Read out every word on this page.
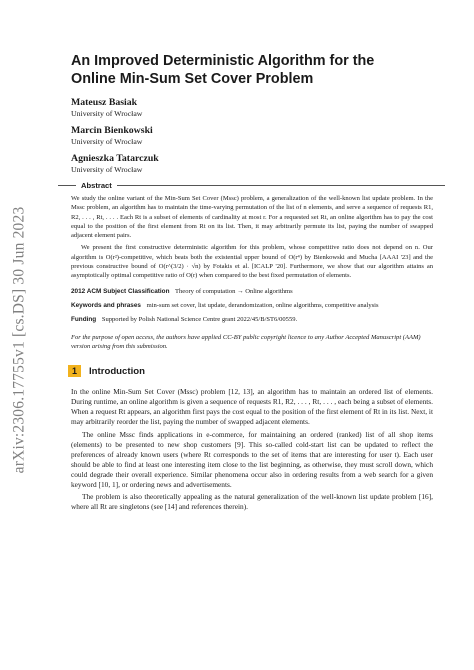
arXiv:2306.17755v1 [cs.DS] 30 Jun 2023
An Improved Deterministic Algorithm for the Online Min-Sum Set Cover Problem
Mateusz Basiak
University of Wrocław
Marcin Bienkowski
University of Wrocław
Agnieszka Tatarczuk
University of Wrocław
Abstract

We study the online variant of the Min-Sum Set Cover (Mssc) problem, a generalization of the well-known list update problem. In the Mssc problem, an algorithm has to maintain the time-varying permutation of the list of n elements, and serve a sequence of requests R1, R2, . . . , Rt, . . . . Each Rt is a subset of elements of cardinality at most r. For a requested set Rt, an online algorithm has to pay the cost equal to the position of the first element from Rt on its list. Then, it may arbitrarily permute its list, paying the number of swapped adjacent element pairs.

We present the first constructive deterministic algorithm for this problem, whose competitive ratio does not depend on n. Our algorithm is O(r²)-competitive, which beats both the existential upper bound of O(r⁴) by Bienkowski and Mucha [AAAI '23] and the previous constructive bound of O(r^(3/2) · √n) by Fotakis et al. [ICALP '20]. Furthermore, we show that our algorithm attains an asymptotically optimal competitive ratio of O(r) when compared to the best fixed permutation of elements.

2012 ACM Subject Classification Theory of computation → Online algorithms
Keywords and phrases min-sum set cover, list update, derandomization, online algorithms, competitive analysis
Funding Supported by Polish National Science Centre grant 2022/45/B/ST6/00559.

For the purpose of open access, the authors have applied CC-BY public copyright licence to any Author Accepted Manuscript (AAM) version arising from this submission.

1	Introduction

In the online Min-Sum Set Cover (Mssc) problem [12, 13], an algorithm has to maintain an ordered list of elements. During runtime, an online algorithm is given a sequence of requests R1, R2, . . . , Rt, . . . , each being a subset of elements. When a request Rt appears, an algorithm first pays the cost equal to the position of the first element of Rt in its list. Next, it may arbitrarily reorder the list, paying the number of swapped adjacent elements.

The online Mssc finds applications in e-commerce, for maintaining an ordered (ranked) list of all shop items (elements) to be presented to new shop customers [9]. This so-called cold-start list can be updated to reflect the preferences of already known users (where Rt corresponds to the set of items that are interesting for user t). Each user should be able to find at least one interesting item close to the list beginning, as otherwise, they must scroll down, which could degrade their overall experience. Similar phenomena occur also in ordering results from a web search for a given keyword [10, 1], or ordering news and advertisements.

The problem is also theoretically appealing as the natural generalization of the well-known list update problem [16], where all Rt are singletons (see [14] and references therein).
